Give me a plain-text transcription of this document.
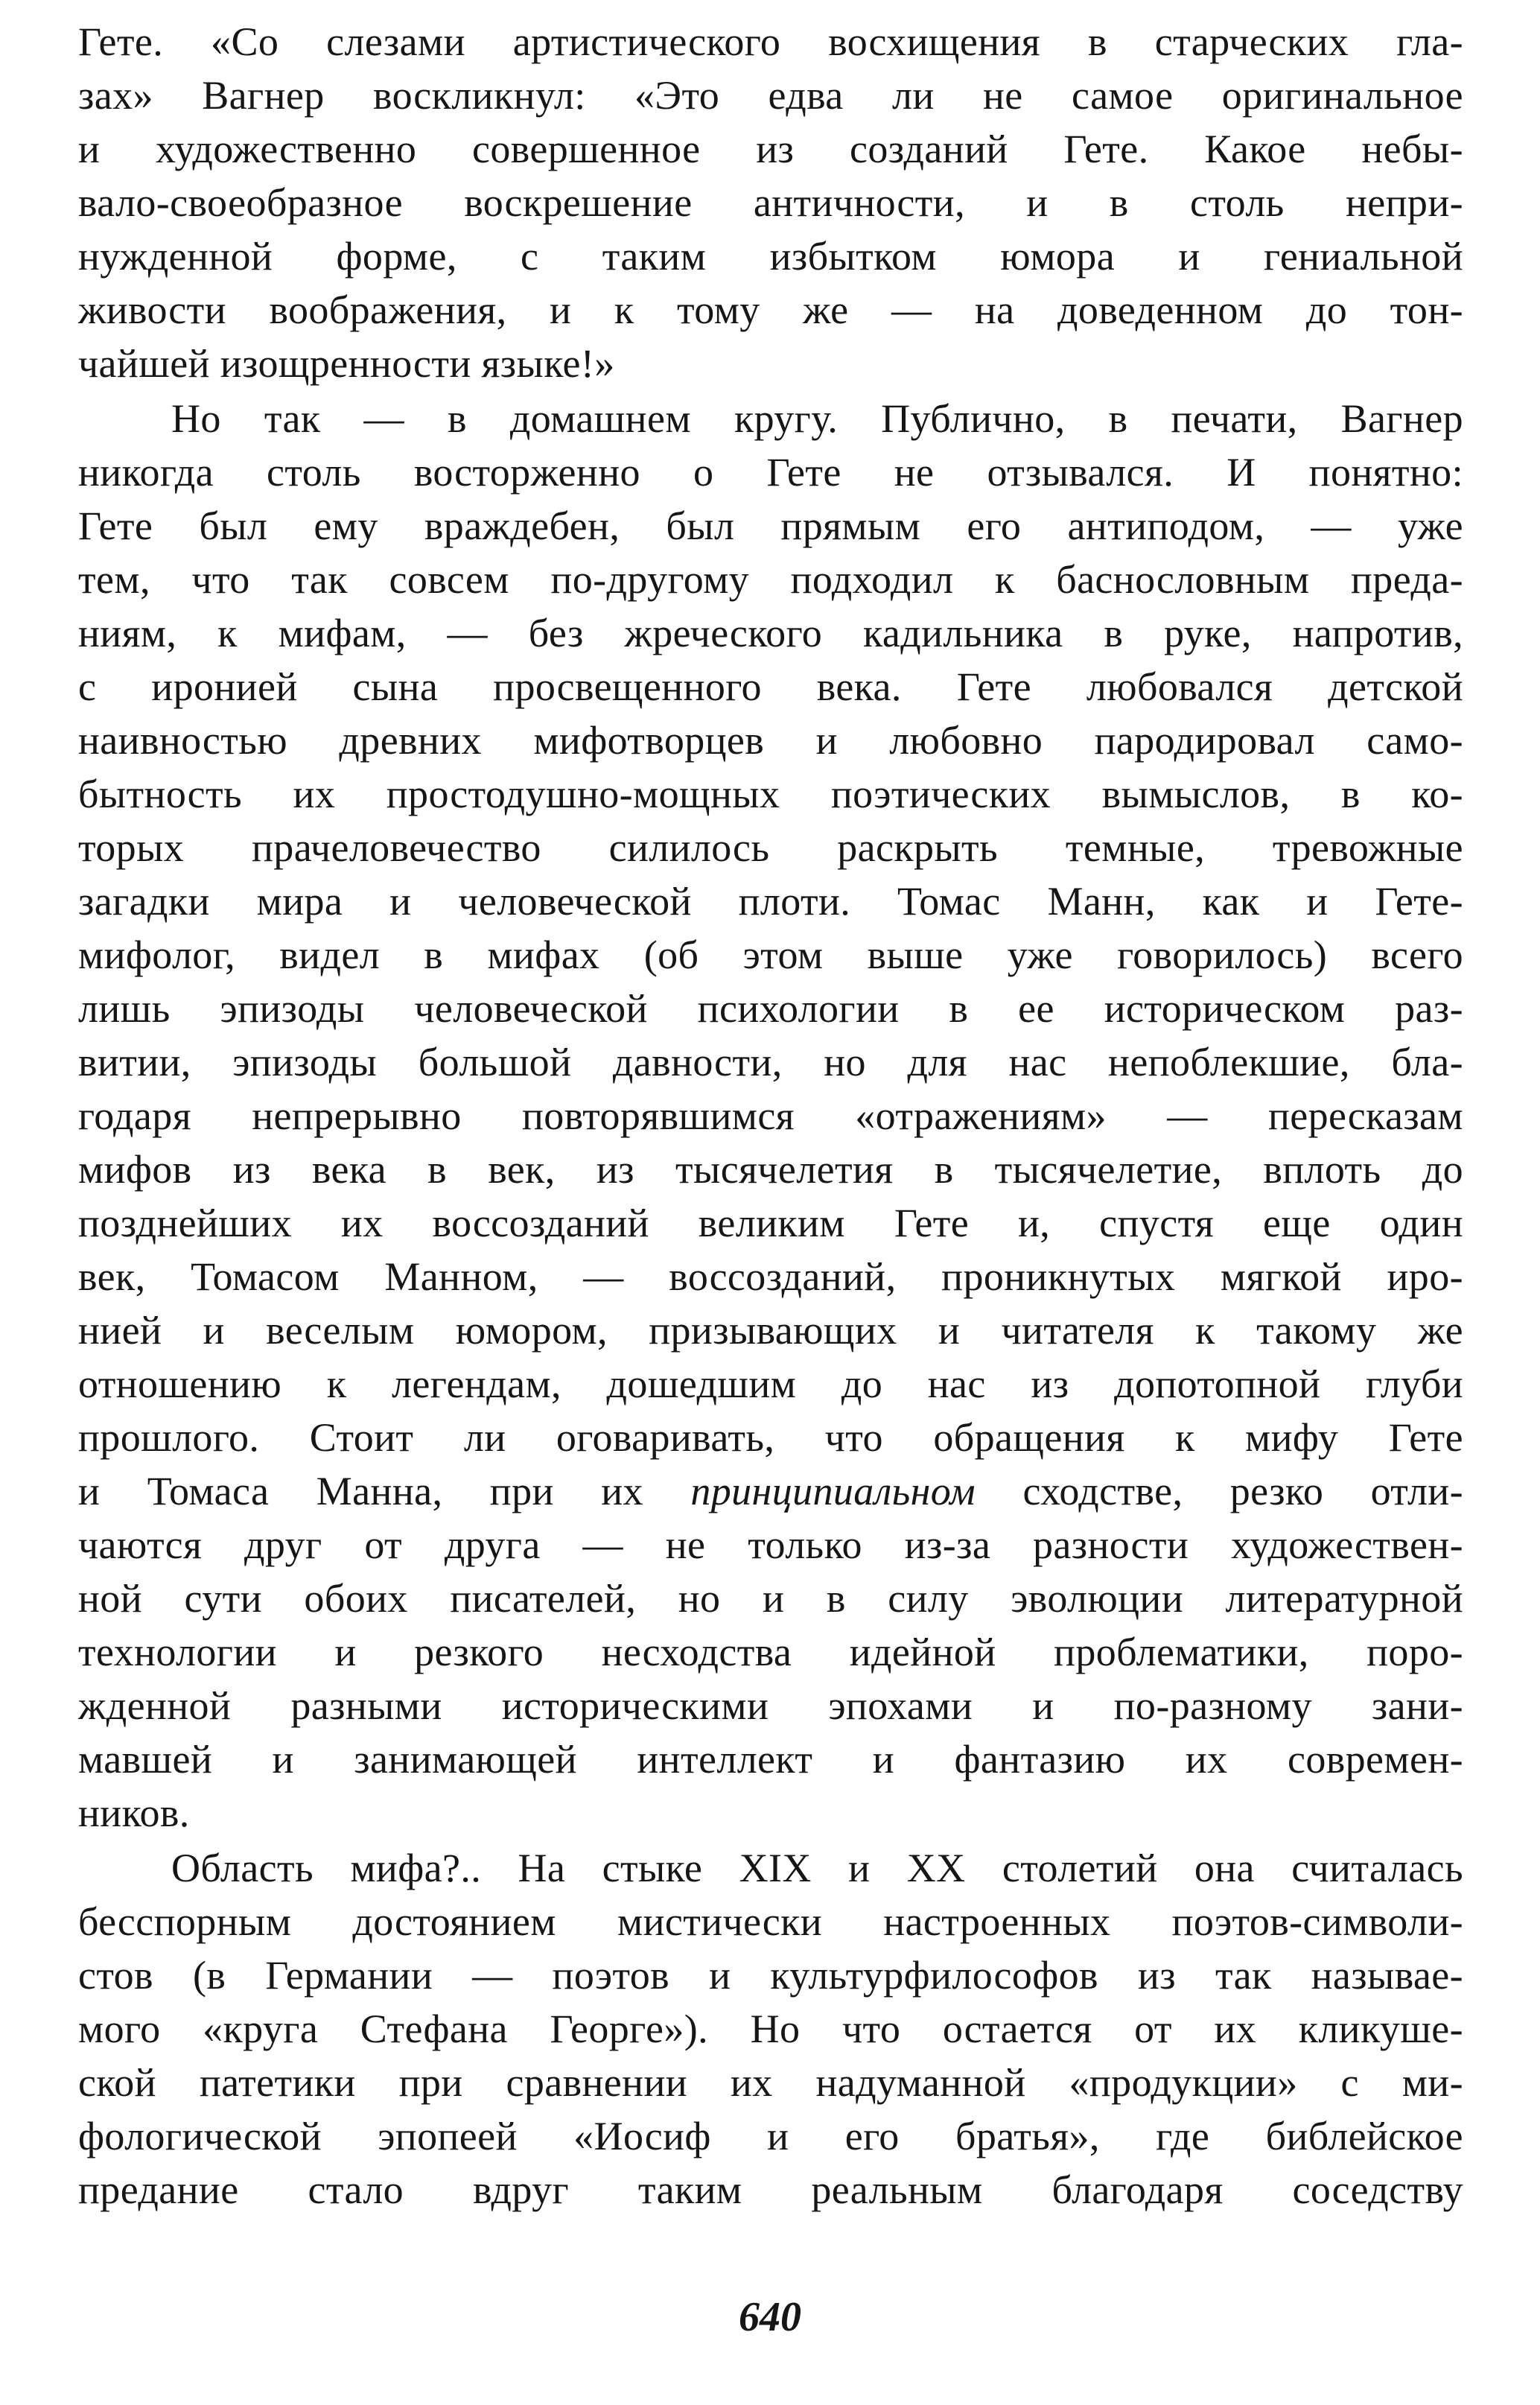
Гете. «Со слезами артистического восхищения в старческих гла-
зах» Вагнер воскликнул: «Это едва ли не самое оригинальное
и художественно совершенное из созданий Гете. Какое небы-
вало-своеобразное воскрешение античности, и в столь непри-
нужденной форме, с таким избытком юмора и гениальной
живости воображения, и к тому же — на доведенном до тон-
чайшей изощренности языке!»
Но так — в домашнем кругу. Публично, в печати, Вагнер
никогда столь восторженно о Гете не отзывался. И понятно:
Гете был ему враждебен, был прямым его антиподом, — уже
тем, что так совсем по-другому подходил к баснословным преда-
ниям, к мифам, — без жреческого кадильника в руке, напротив,
с иронией сына просвещенного века. Гете любовался детской
наивностью древних мифотворцев и любовно пародировал само-
бытность их простодушно-мощных поэтических вымыслов, в ко-
торых прачеловечество силилось раскрыть темные, тревожные
загадки мира и человеческой плоти. Томас Манн, как и Гете-
мифолог, видел в мифах (об этом выше уже говорилось) всего
лишь эпизоды человеческой психологии в ее историческом раз-
витии, эпизоды большой давности, но для нас непоблекшие, бла-
годаря непрерывно повторявшимся «отражениям» — пересказам
мифов из века в век, из тысячелетия в тысячелетие, вплоть до
позднейших их воссозданий великим Гете и, спустя еще один
век, Томасом Манном, — воссозданий, проникнутых мягкой иро-
нией и веселым юмором, призывающих и читателя к такому же
отношению к легендам, дошедшим до нас из допотопной глуби
прошлого. Стоит ли оговаривать, что обращения к мифу Гете
и Томаса Манна, при их принципиальном сходстве, резко отли-
чаются друг от друга — не только из-за разности художествен-
ной сути обоих писателей, но и в силу эволюции литературной
технологии и резкого несходства идейной проблематики, поро-
жденной разными историческими эпохами и по-разному зани-
мавшей и занимающей интеллект и фантазию их современ-
ников.
Область мифа?.. На стыке XIX и XX столетий она считалась
бесспорным достоянием мистически настроенных поэтов-символи-
стов (в Германии — поэтов и культурфилософов из так называе-
мого «круга Стефана Георге»). Но что остается от их кликуше-
ской патетики при сравнении их надуманной «продукции» с ми-
фологической эпопеей «Иосиф и его братья», где библейское
предание стало вдруг таким реальным благодаря соседству
640
